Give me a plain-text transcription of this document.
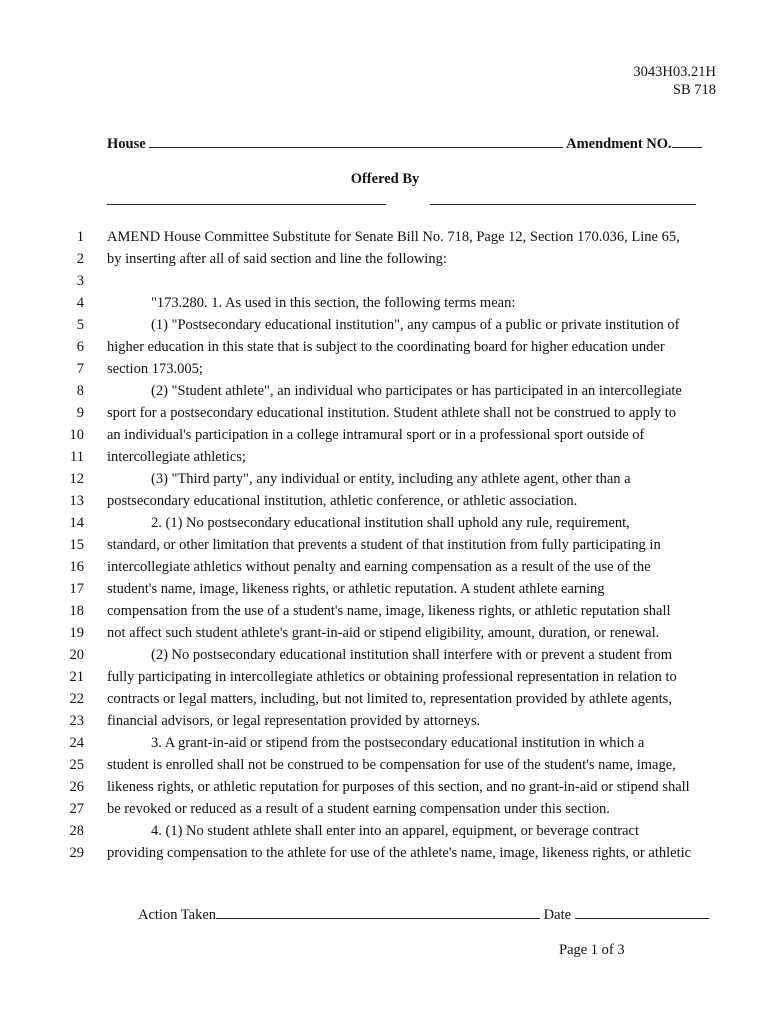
3043H03.21H
SB 718
House	Amendment NO.
Offered By
1 AMEND House Committee Substitute for Senate Bill No. 718, Page 12, Section 170.036, Line 65,
2 by inserting after all of said section and line the following:
3
4	"173.280. 1. As used in this section, the following terms mean:
5	(1) "Postsecondary educational institution", any campus of a public or private institution of
6 higher education in this state that is subject to the coordinating board for higher education under
7 section 173.005;
8	(2) "Student athlete", an individual who participates or has participated in an intercollegiate
9 sport for a postsecondary educational institution. Student athlete shall not be construed to apply to
10 an individual's participation in a college intramural sport or in a professional sport outside of
11 intercollegiate athletics;
12	(3) "Third party", any individual or entity, including any athlete agent, other than a
13 postsecondary educational institution, athletic conference, or athletic association.
14	2. (1) No postsecondary educational institution shall uphold any rule, requirement,
15 standard, or other limitation that prevents a student of that institution from fully participating in
16 intercollegiate athletics without penalty and earning compensation as a result of the use of the
17 student's name, image, likeness rights, or athletic reputation. A student athlete earning
18 compensation from the use of a student's name, image, likeness rights, or athletic reputation shall
19 not affect such student athlete's grant-in-aid or stipend eligibility, amount, duration, or renewal.
20	(2) No postsecondary educational institution shall interfere with or prevent a student from
21 fully participating in intercollegiate athletics or obtaining professional representation in relation to
22 contracts or legal matters, including, but not limited to, representation provided by athlete agents,
23 financial advisors, or legal representation provided by attorneys.
24	3. A grant-in-aid or stipend from the postsecondary educational institution in which a
25 student is enrolled shall not be construed to be compensation for use of the student's name, image,
26 likeness rights, or athletic reputation for purposes of this section, and no grant-in-aid or stipend shall
27 be revoked or reduced as a result of a student earning compensation under this section.
28	4. (1) No student athlete shall enter into an apparel, equipment, or beverage contract
29 providing compensation to the athlete for use of the athlete's name, image, likeness rights, or athletic
Action Taken	Date
Page 1 of 3
